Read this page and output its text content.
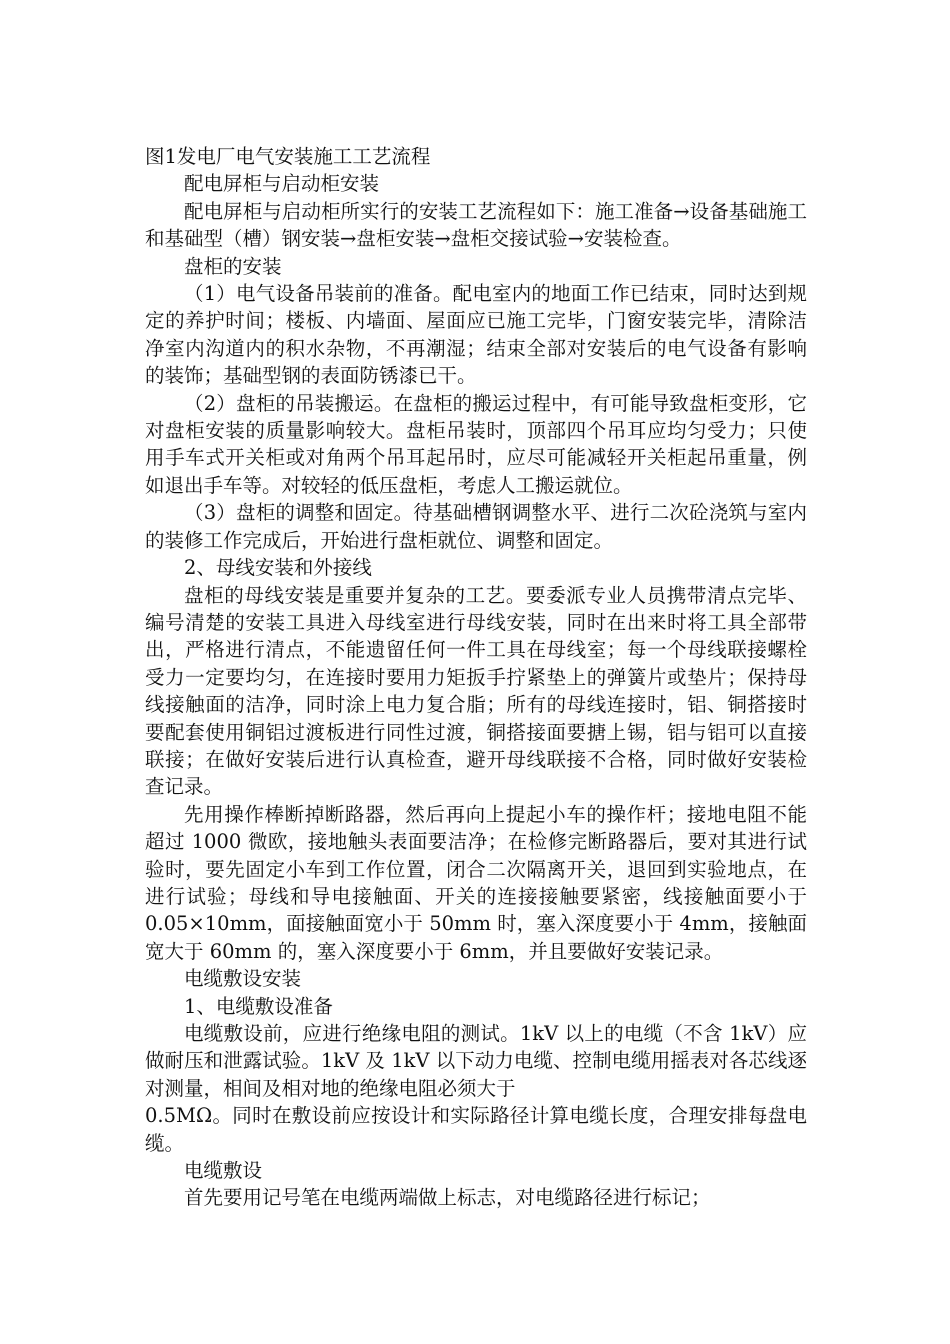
图1发电厂电气安装施工工艺流程

配电屏柜与启动柜安装

配电屏柜与启动柜所实行的安装工艺流程如下：施工准备→设备基础施工和基础型（槽）钢安装→盘柜安装→盘柜交接试验→安装检查。

盘柜的安装

（1）电气设备吊装前的准备。配电室内的地面工作已结束，同时达到规定的养护时间；楼板、内墙面、屋面应已施工完毕，门窗安装完毕，清除洁净室内沟道内的积水杂物，不再潮湿；结束全部对安装后的电气设备有影响的装饰；基础型钢的表面防锈漆已干。

（2）盘柜的吊装搬运。在盘柜的搬运过程中，有可能导致盘柜变形，它对盘柜安装的质量影响较大。盘柜吊装时，顶部四个吊耳应均匀受力；只使用手车式开关柜或对角两个吊耳起吊时，应尽可能减轻开关柜起吊重量，例如退出手车等。对较轻的低压盘柜，考虑人工搬运就位。

（3）盘柜的调整和固定。待基础槽钢调整水平、进行二次砼浇筑与室内的装修工作完成后，开始进行盘柜就位、调整和固定。

2、母线安装和外接线

盘柜的母线安装是重要并复杂的工艺。要委派专业人员携带清点完毕、编号清楚的安装工具进入母线室进行母线安装，同时在出来时将工具全部带出，严格进行清点，不能遗留任何一件工具在母线室；每一个母线联接螺栓受力一定要均匀，在连接时要用力矩扳手拧紧垫上的弹簧片或垫片；保持母线接触面的洁净，同时涂上电力复合脂；所有的母线连接时，铝、铜搭接时要配套使用铜铝过渡板进行同性过渡，铜搭接面要搪上锡，铝与铝可以直接联接；在做好安装后进行认真检查，避开母线联接不合格，同时做好安装检查记录。

先用操作棒断掉断路器，然后再向上提起小车的操作杆；接地电阻不能超过 1000 微欧，接地触头表面要洁净；在检修完断路器后，要对其进行试验时，要先固定小车到工作位置，闭合二次隔离开关，退回到实验地点，在进行试验；母线和导电接触面、开关的连接接触要紧密，线接触面要小于 0.05×10mm，面接触面宽小于 50mm 时，塞入深度要小于 4mm，接触面宽大于 60mm 的，塞入深度要小于 6mm，并且要做好安装记录。

电缆敷设安装

1、电缆敷设准备

电缆敷设前，应进行绝缘电阻的测试。1kV 以上的电缆（不含 1kV）应做耐压和泄露试验。1kV 及 1kV 以下动力电缆、控制电缆用摇表对各芯线逐对测量，相间及相对地的绝缘电阻必须大于

0.5MΩ。同时在敷设前应按设计和实际路径计算电缆长度，合理安排每盘电缆。

电缆敷设

首先要用记号笔在电缆两端做上标志，对电缆路径进行标记；
